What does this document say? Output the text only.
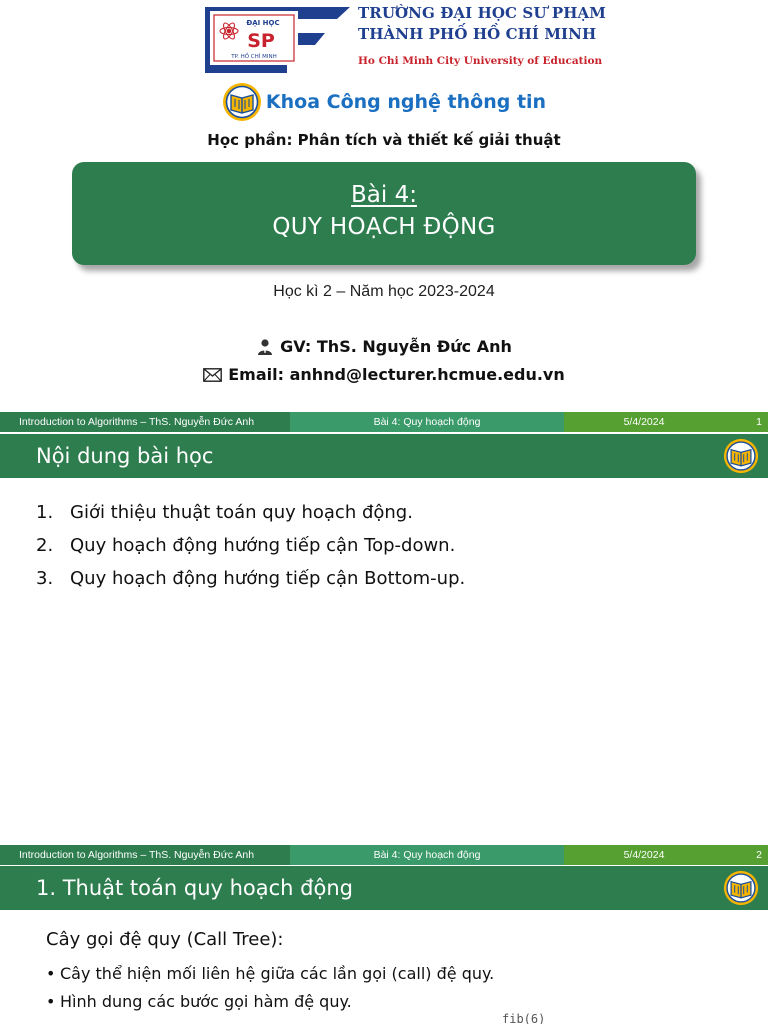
ĐẠI HỌC
SP
TP. HỒ CHÍ MINH
TRƯỜNG ĐẠI HỌC SƯ PHẠM
THÀNH PHỐ HỒ CHÍ MINH
Ho Chi Minh City University of Education
Khoa Công nghệ thông tin
Học phần: Phân tích và thiết kế giải thuật
Bài 4:
QUY HOẠCH ĐỘNG
Học kì 2 – Năm học 2023-2024
GV: ThS. Nguyễn Đức Anh
Email: anhnd@lecturer.hcmue.edu.vn
Introduction to Algorithms – ThS. Nguyễn Đức Anh	Bài 4: Quy hoạch động	5/4/2024	1
Nội dung bài học
1. Giới thiệu thuật toán quy hoạch động.
2. Quy hoạch động hướng tiếp cận Top-down.
3. Quy hoạch động hướng tiếp cận Bottom-up.
Introduction to Algorithms – ThS. Nguyễn Đức Anh	Bài 4: Quy hoạch động	5/4/2024	2
1. Thuật toán quy hoạch động
Cây gọi đệ quy (Call Tree):
• Cây thể hiện mối liên hệ giữa các lần gọi (call) đệ quy.
• Hình dung các bước gọi hàm đệ quy.
fib(6)
